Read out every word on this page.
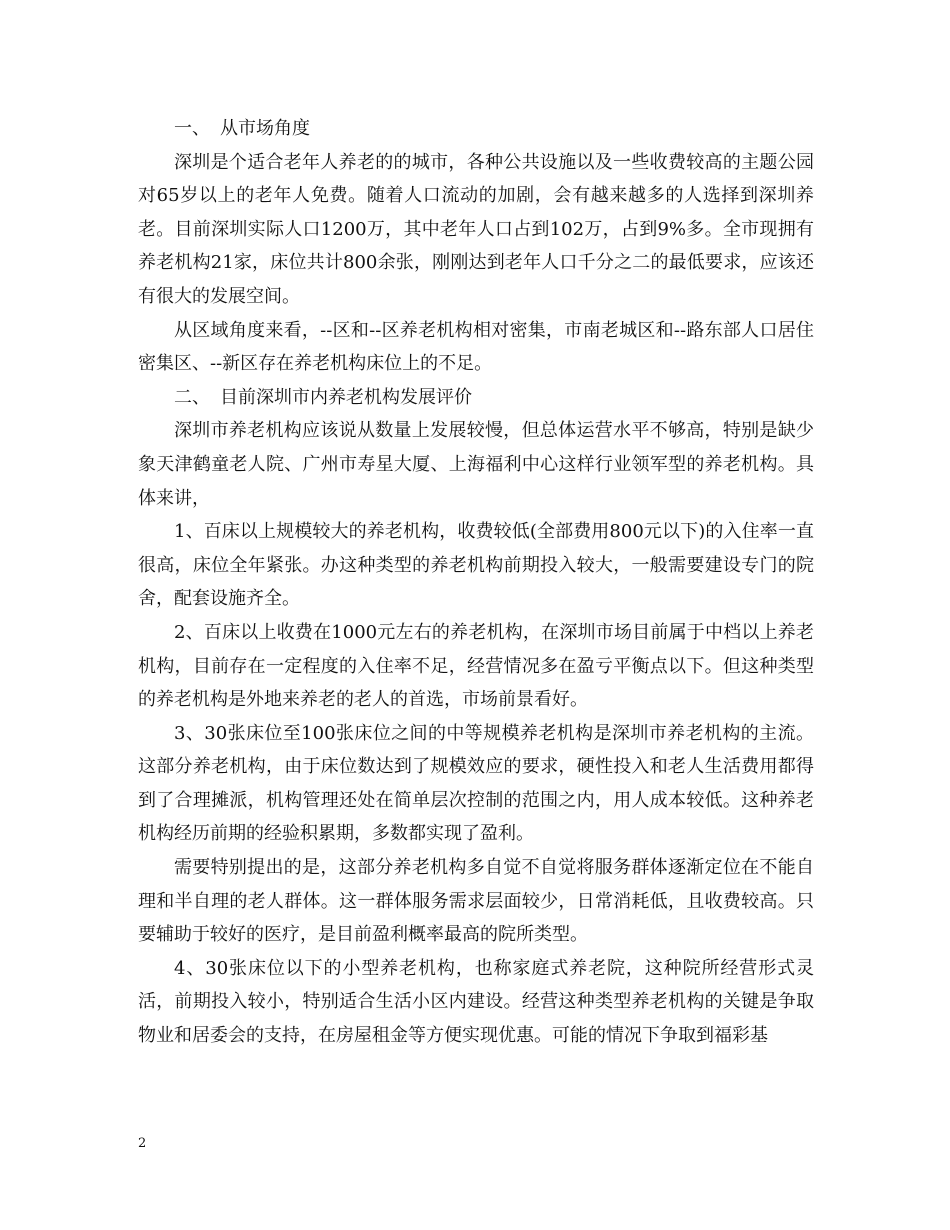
一、 从市场角度

深圳是个适合老年人养老的的城市，各种公共设施以及一些收费较高的主题公园对65岁以上的老年人免费。随着人口流动的加剧，会有越来越多的人选择到深圳养老。目前深圳实际人口1200万，其中老年人口占到102万，占到9%多。全市现拥有养老机构21家，床位共计800余张，刚刚达到老年人口千分之二的最低要求，应该还有很大的发展空间。

从区域角度来看，--区和--区养老机构相对密集，市南老城区和--路东部人口居住密集区、--新区存在养老机构床位上的不足。

二、 目前深圳市内养老机构发展评价

深圳市养老机构应该说从数量上发展较慢，但总体运营水平不够高，特别是缺少象天津鹤童老人院、广州市寿星大厦、上海福利中心这样行业领军型的养老机构。具体来讲，

1、百床以上规模较大的养老机构，收费较低(全部费用800元以下)的入住率一直很高，床位全年紧张。办这种类型的养老机构前期投入较大，一般需要建设专门的院舍，配套设施齐全。

2、百床以上收费在1000元左右的养老机构，在深圳市场目前属于中档以上养老机构，目前存在一定程度的入住率不足，经营情况多在盈亏平衡点以下。但这种类型的养老机构是外地来养老的老人的首选，市场前景看好。

3、30张床位至100张床位之间的中等规模养老机构是深圳市养老机构的主流。这部分养老机构，由于床位数达到了规模效应的要求，硬性投入和老人生活费用都得到了合理摊派，机构管理还处在简单层次控制的范围之内，用人成本较低。这种养老机构经历前期的经验积累期，多数都实现了盈利。

需要特别提出的是，这部分养老机构多自觉不自觉将服务群体逐渐定位在不能自理和半自理的老人群体。这一群体服务需求层面较少，日常消耗低，且收费较高。只要辅助于较好的医疗，是目前盈利概率最高的院所类型。

4、30张床位以下的小型养老机构，也称家庭式养老院，这种院所经营形式灵活，前期投入较小，特别适合生活小区内建设。经营这种类型养老机构的关键是争取物业和居委会的支持，在房屋租金等方便实现优惠。可能的情况下争取到福彩基

2
